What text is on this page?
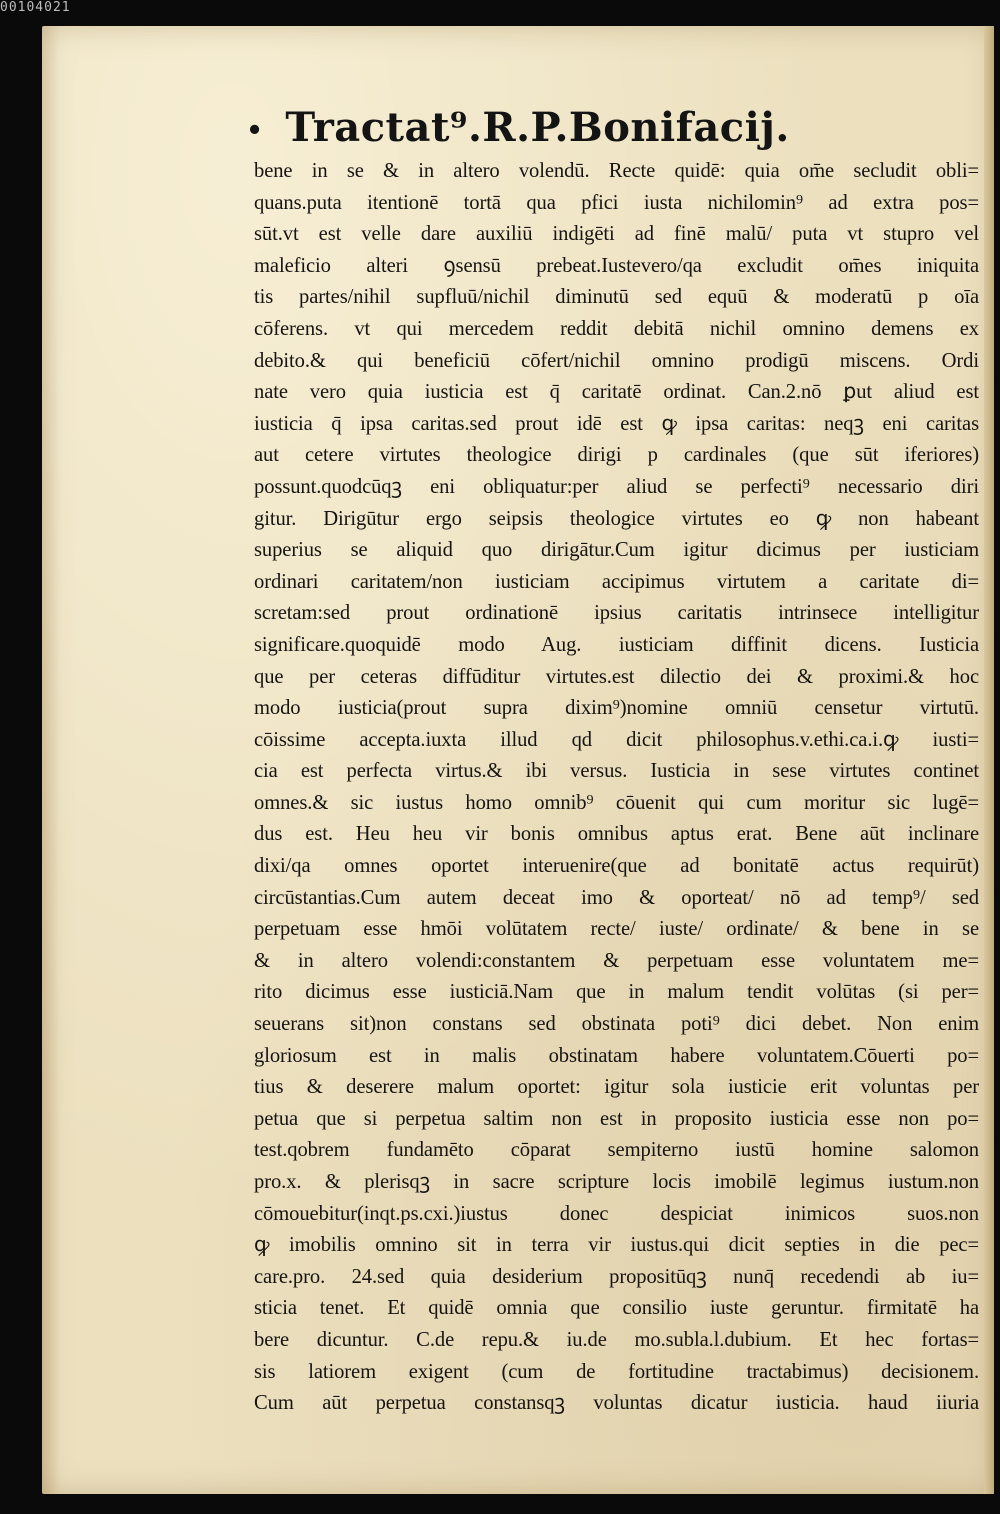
00104021
• Tractat⁹.R.P.Bonifacij.
bene in se & in altero volendū. Recte quidē: quia om̄e secludit obli=
quans.puta itentionē tortā qua pfici iusta nichilomin⁹ ad extra pos=
sūt.vt est velle dare auxiliū indigēti ad finē malū/ puta vt stupro vel
maleficio alteri ꝯsensū prebeat.Iustevero/qa excludit om̄es iniquita
tis partes/nihil supfluū/nichil diminutū sed equū & moderatū p oīa
cōferens. vt qui mercedem reddit debitā nichil omnino demens ex
debito.& qui beneficiū cōfert/nichil omnino prodigū miscens. Ordi
nate vero quia iusticia est q̄ caritatē ordinat. Can.2.nō ꝑut aliud est
iusticia q̄ ipsa caritas.sed prout idē est ꝙ ipsa caritas: neqꝫ eni caritas
aut cetere virtutes theologice dirigi p cardinales (que sūt iferiores)
possunt.quodcūqꝫ eni obliquatur:per aliud se perfecti⁹ necessario diri
gitur. Dirigūtur ergo seipsis theologice virtutes eo ꝙ non habeant
superius se aliquid quo dirigātur.Cum igitur dicimus per iusticiam
ordinari caritatem/non iusticiam accipimus virtutem a caritate di=
scretam:sed prout ordinationē ipsius caritatis intrinsece intelligitur
significare.quoquidē modo Aug. iusticiam diffinit dicens. Iusticia
que per ceteras diffūditur virtutes.est dilectio dei & proximi.& hoc
modo iusticia(prout supra dixim⁹)nomine omniū censetur virtutū.
cōissime accepta.iuxta illud qd dicit philosophus.v.ethi.ca.i.ꝙ iusti=
cia est perfecta virtus.& ibi versus. Iusticia in sese virtutes continet
omnes.& sic iustus homo omnib⁹ cōuenit qui cum moritur sic lugē=
dus est. Heu heu vir bonis omnibus aptus erat. Bene aūt inclinare
dixi/qa omnes oportet interuenire(que ad bonitatē actus requirūt)
circūstantias.Cum autem deceat imo & oporteat/ nō ad temp⁹/ sed
perpetuam esse hmōi volūtatem recte/ iuste/ ordinate/ & bene in se
& in altero volendi:constantem & perpetuam esse voluntatem me=
rito dicimus esse iusticiā.Nam que in malum tendit volūtas (si per=
seuerans sit)non constans sed obstinata poti⁹ dici debet. Non enim
gloriosum est in malis obstinatam habere voluntatem.Cōuerti po=
tius & deserere malum oportet: igitur sola iusticie erit voluntas per
petua que si perpetua saltim non est in proposito iusticia esse non po=
test.qobrem fundamēto cōparat sempiterno iustū homine salomon
pro.x. & plerisqꝫ in sacre scripture locis imobilē legimus iustum.non
cōmouebitur(inqt.ps.cxi.)iustus donec despiciat inimicos suos.non
ꝙ imobilis omnino sit in terra vir iustus.qui dicit septies in die pec=
care.pro. 24.sed quia desiderium propositūqꝫ nunq̄ recedendi ab iu=
sticia tenet. Et quidē omnia que consilio iuste geruntur. firmitatē ha
bere dicuntur. C.de repu.& iu.de mo.subla.l.dubium. Et hec fortas=
sis latiorem exigent (cum de fortitudine tractabimus) decisionem.
Cum aūt perpetua constansqꝫ voluntas dicatur iusticia. haud iiuria
